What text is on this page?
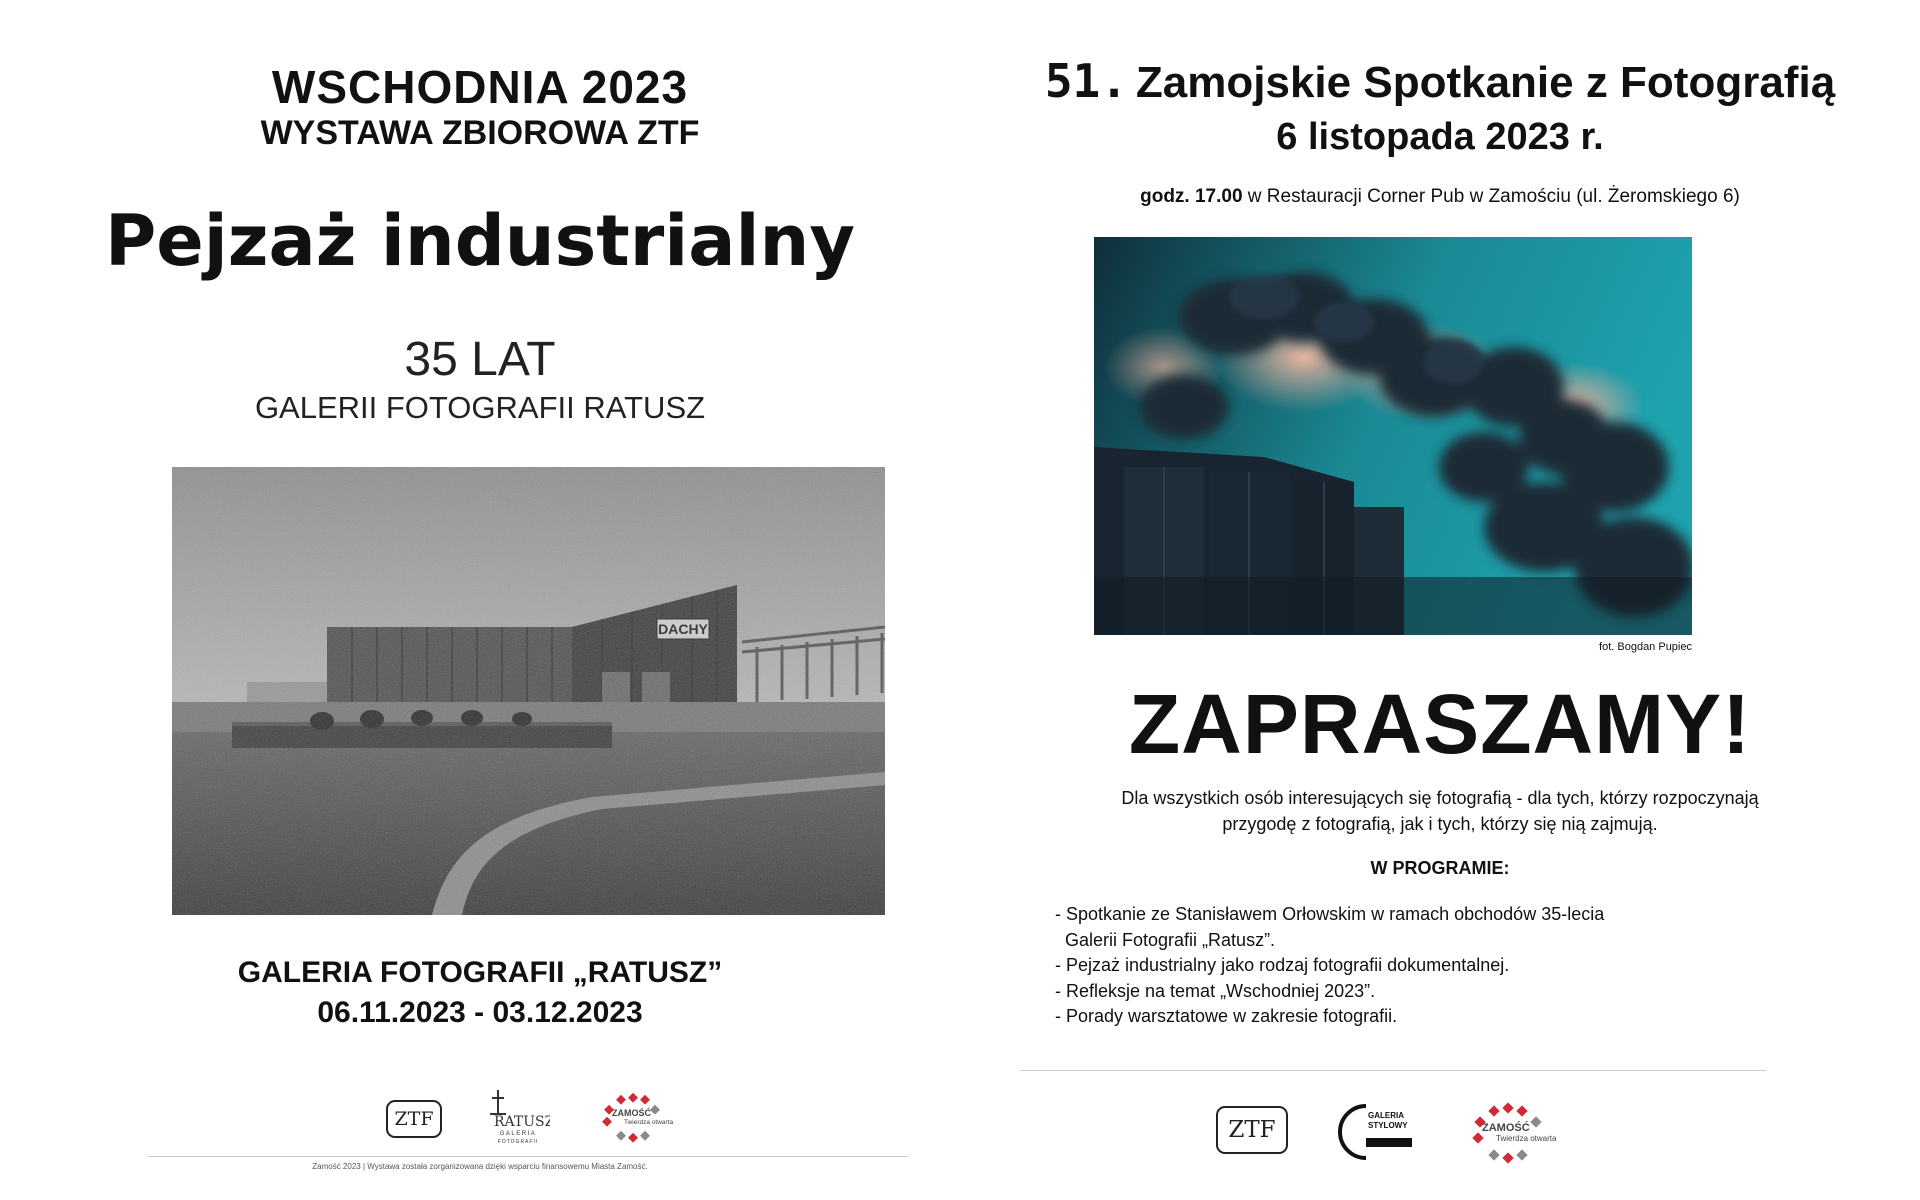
WSCHODNIA 2023
WYSTAWA ZBIOROWA ZTF
Pejzaż industrialny
35 LAT
GALERII FOTOGRAFII RATUSZ
GALERIA FOTOGRAFII „RATUSZ”
06.11.2023 - 03.12.2023
ZTF	RATUSZ
GALERIA
FOTOGRAFII
ZAMOŚĆ
Twierdza otwarta
Zamość 2023 | Wystawa została zorganizowana dzięki wsparciu finansowemu Miasta Zamość.
51. Zamojskie Spotkanie z Fotografią
6 listopada 2023 r.
godz. 17.00 w Restauracji Corner Pub w Zamościu (ul. Żeromskiego 6)
fot. Bogdan Pupiec
ZAPRASZAMY!
Dla wszystkich osób interesujących się fotografią - dla tych, którzy rozpoczynają
przygodę z fotografią, jak i tych, którzy się nią zajmują.
W PROGRAMIE:
- Spotkanie ze Stanisławem Orłowskim w ramach obchodów 35-lecia
Galerii Fotografii „Ratusz”.
- Pejzaż industrialny jako rodzaj fotografii dokumentalnej.
- Refleksje na temat „Wschodniej 2023”.
- Porady warsztatowe w zakresie fotografii.
ZTF
GALERIA
STYLOWY	ZAMOŚĆ
Twierdza otwarta
